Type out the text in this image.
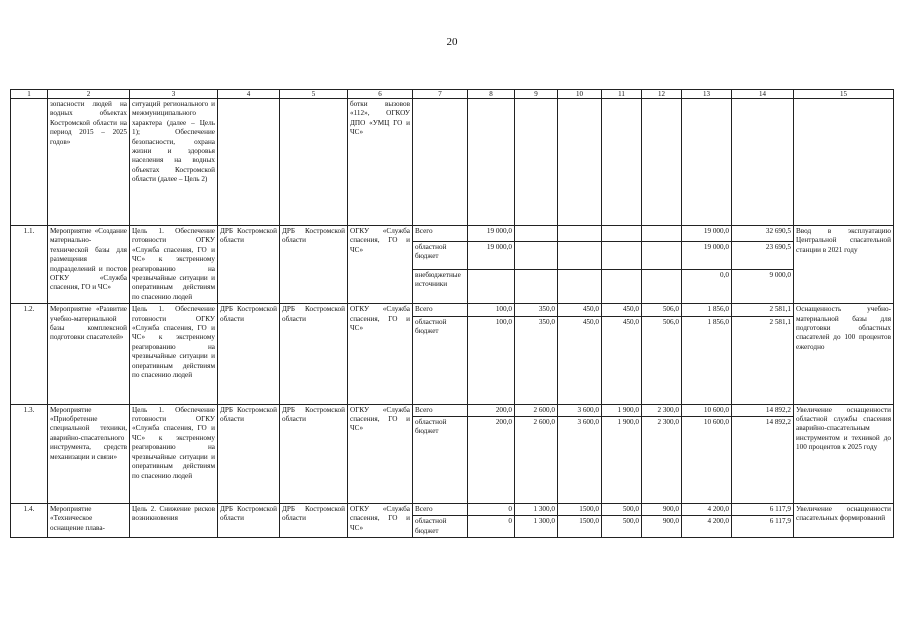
20
1	2	3	4	5	6	7	8	9	10	11	12	13	14	15
	зопасности людей на водных объектах Костромской области на период 2015 – 2025 годов»	ситуаций регионального и межмуниципального характера (далее – Цель 1); Обеспечение безопасности, охрана жизни и здоровья населения на водных объектах Костромской области (далее – Цель 2)			ботки вызовов «112», ОГКОУ ДПО «УМЦ ГО и ЧС»									
1.1.	Мероприятие «Создание материально-технической базы для размещения подразделений и постов ОГКУ «Служба спасения, ГО и ЧС»	Цель 1. Обеспечение готовности ОГКУ «Служба спасения, ГО и ЧС» к экстренному реагированию на чрезвычайные ситуации и оперативным действиям по спасению людей	ДРБ Костромской области	ДРБ Костромской области	ОГКУ «Служба спасения, ГО и ЧС»	Всего	19 000,0					19 000,0	32 690,5	Ввод в эксплуатацию Центральной спасательной станции в 2021 году
						областной бюджет	19 000,0					19 000,0	23 690,5	
						внебюджетные источники						0,0	9 000,0	
1.2.	Мероприятие «Развитие учебно-материальной базы комплексной подготовки спасателей»	Цель 1. Обеспечение готовности ОГКУ «Служба спасения, ГО и ЧС» к экстренному реагированию на чрезвычайные ситуации и оперативным действиям по спасению людей	ДРБ Костромской области	ДРБ Костромской области	ОГКУ «Служба спасения, ГО и ЧС»	Всего	100,0	350,0	450,0	450,0	506,0	1 856,0	2 581,1	Оснащенность учебно-материальной базы для подготовки областных спасателей до 100 процентов ежегодно
						областной бюджет	100,0	350,0	450,0	450,0	506,0	1 856,0	2 581,1	
1.3.	Мероприятие «Приобретение специальной техники, аварийно-спасательного инструмента, средств механизации и связи»	Цель 1. Обеспечение готовности ОГКУ «Служба спасения, ГО и ЧС» к экстренному реагированию на чрезвычайные ситуации и оперативным действиям по спасению людей	ДРБ Костромской области	ДРБ Костромской области	ОГКУ «Служба спасения, ГО и ЧС»	Всего	200,0	2 600,0	3 600,0	1 900,0	2 300,0	10 600,0	14 892,2	Увеличение оснащенности областной службы спасения аварийно-спасательным инструментом и техникой до 100 процентов к 2025 году
						областной бюджет	200,0	2 600,0	3 600,0	1 900,0	2 300,0	10 600,0	14 892,2	
1.4.	Мероприятие «Техническое оснащение плава-	Цель 2. Снижение рисков возникновения	ДРБ Костромской области	ДРБ Костромской области	ОГКУ «Служба спасения, ГО и ЧС»	Всего	0	1 300,0	1500,0	500,0	900,0	4 200,0	6 117,9	Увеличение оснащенности спасательных формирований
						областной бюджет	0	1 300,0	1500,0	500,0	900,0	4 200,0	6 117,9	
